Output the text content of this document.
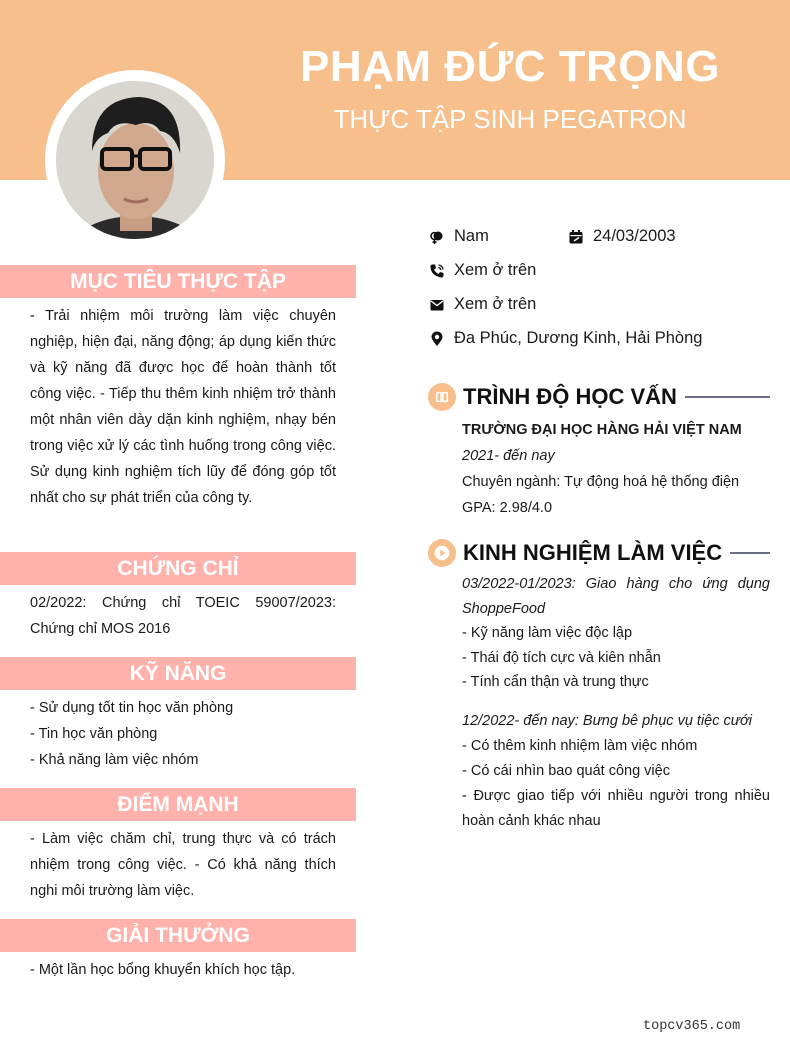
PHẠM ĐỨC TRỌNG
THỰC TẬP SINH PEGATRON
MỤC TIÊU THỰC TẬP
- Trải nhiệm môi trường làm việc chuyên nghiệp, hiện đại, năng động; áp dụng kiến thức và kỹ năng đã được học để hoàn thành tốt công việc. - Tiếp thu thêm kinh nhiệm trở thành một nhân viên dày dặn kinh nghiệm, nhạy bén trong việc xử lý các tình huống trong công việc. Sử dụng kinh nghiệm tích lũy để đóng góp tốt nhất cho sự phát triển của công ty.
CHỨNG CHỈ
02/2022: Chứng chỉ TOEIC 59007/2023: Chứng chỉ MOS 2016
KỸ NĂNG
- Sử dụng tốt tin học văn phòng
- Tin học văn phòng
- Khả năng làm việc nhóm
ĐIỂM MẠNH
- Làm việc chăm chỉ, trung thực và có trách nhiệm trong công việc. - Có khả năng thích nghi môi trường làm việc.
GIẢI THƯỞNG
- Một lần học bổng khuyển khích học tập.
Nam	24/03/2003
Xem ở trên
Xem ở trên
Đa Phúc, Dương Kinh, Hải Phòng
TRÌNH ĐỘ HỌC VẤN
TRƯỜNG ĐẠI HỌC HÀNG HẢI VIỆT NAM
2021- đến nay
Chuyên ngành: Tự động hoá hệ thống điện
GPA: 2.98/4.0
KINH NGHIỆM LÀM VIỆC
03/2022-01/2023: Giao hàng cho ứng dụng ShoppeFood
- Kỹ năng làm việc độc lập
- Thái độ tích cực và kiên nhẫn
- Tính cẩn thận và trung thực
12/2022- đến nay: Bưng bê phục vụ tiệc cưới
- Có thêm kinh nhiệm làm việc nhóm
- Có cái nhìn bao quát công việc
- Được giao tiếp với nhiều người trong nhiều hoàn cảnh khác nhau
topcv365.com
